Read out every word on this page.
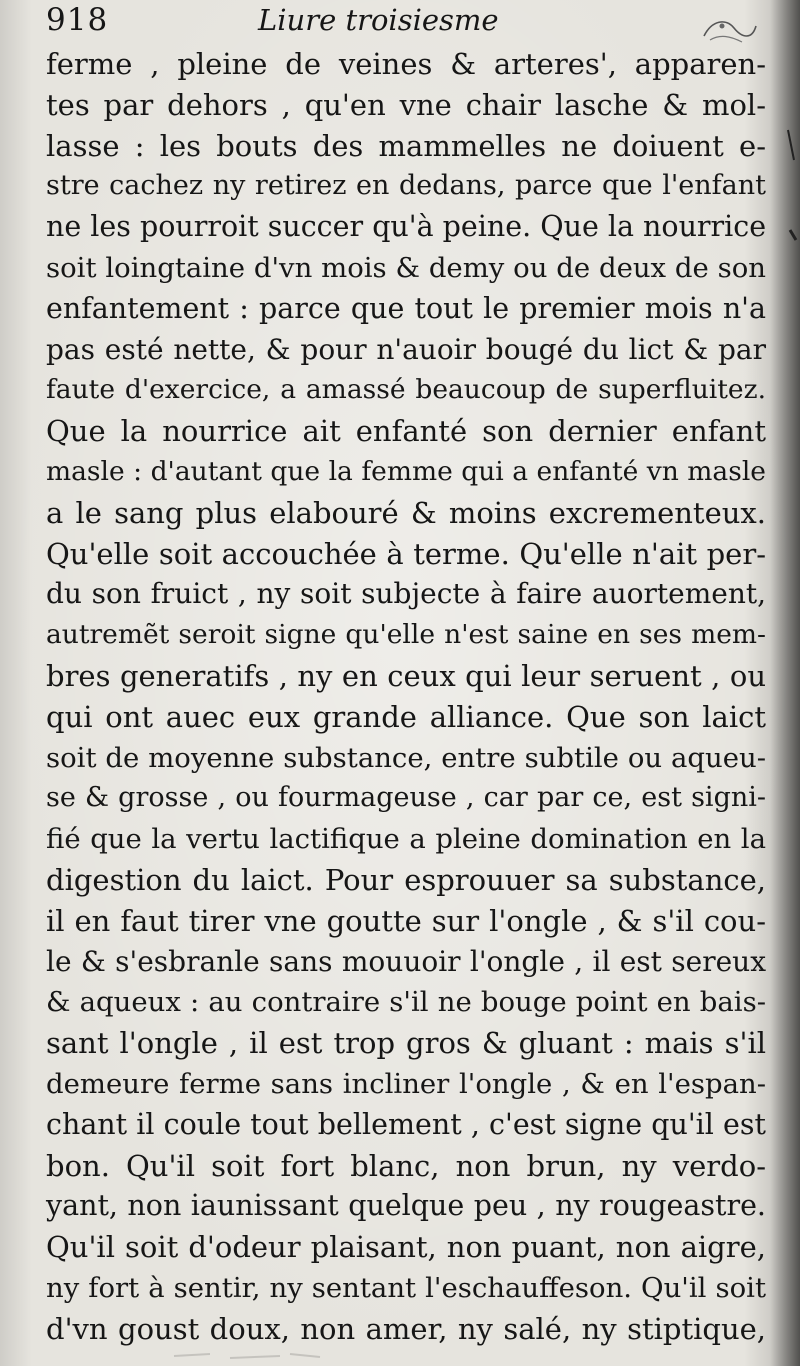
918	Liure troisiesme
ferme , pleine de veines & arteres', apparen-
tes par dehors , qu'en vne chair lasche & mol-
lasse : les bouts des mammelles ne doiuent e-
stre cachez ny retirez en dedans, parce que l'enfant
ne les pourroit succer qu'à peine. Que la nourrice
soit loingtaine d'vn mois & demy ou de deux de son
enfantement : parce que tout le premier mois n'a
pas esté nette, & pour n'auoir bougé du lict & par
faute d'exercice, a amassé beaucoup de superfluitez.
Que la nourrice ait enfanté son dernier enfant
masle : d'autant que la femme qui a enfanté vn masle
a le sang plus elabouré & moins excrementeux.
Qu'elle soit accouchée à terme. Qu'elle n'ait per-
du son fruict , ny soit subjecte à faire auortement,
autremẽt seroit signe qu'elle n'est saine en ses mem-
bres generatifs , ny en ceux qui leur seruent , ou
qui ont auec eux grande alliance. Que son laict
soit de moyenne substance, entre subtile ou aqueu-
se & grosse , ou fourmageuse , car par ce, est signi-
fié que la vertu lactifique a pleine domination en la
digestion du laict. Pour esprouuer sa substance,
il en faut tirer vne goutte sur l'ongle , & s'il cou-
le & s'esbranle sans mouuoir l'ongle , il est sereux
& aqueux : au contraire s'il ne bouge point en bais-
sant l'ongle , il est trop gros & gluant : mais s'il
demeure ferme sans incliner l'ongle , & en l'espan-
chant il coule tout bellement , c'est signe qu'il est
bon. Qu'il soit fort blanc, non brun, ny verdo-
yant, non iaunissant quelque peu , ny rougeastre.
Qu'il soit d'odeur plaisant, non puant, non aigre,
ny fort à sentir, ny sentant l'eschauffeson. Qu'il soit
d'vn goust doux, non amer, ny salé, ny stiptique,
